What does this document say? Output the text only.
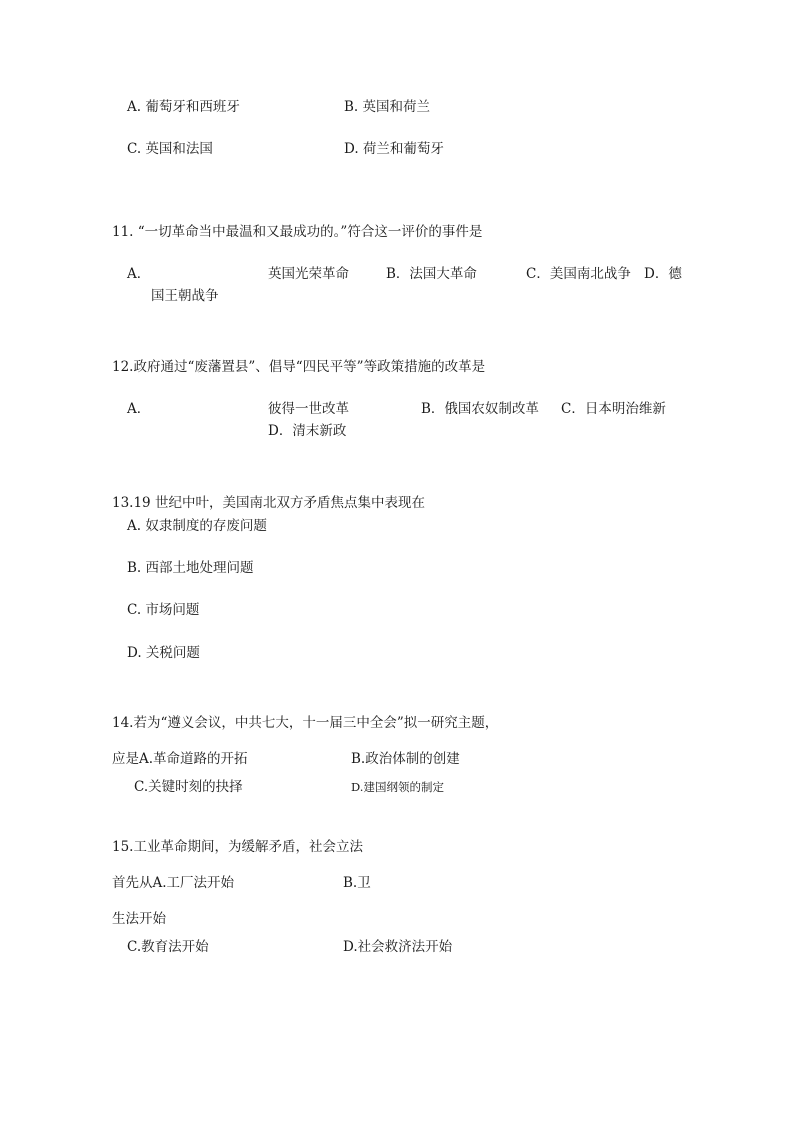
A. 葡萄牙和西班牙	B. 英国和荷兰
C. 英国和法国	D. 荷兰和葡萄牙
11. “一切革命当中最温和又最成功的。”符合这一评价的事件是
A．	英国光荣革命	B．法国大革命	C．美国南北战争 D．德
国王朝战争
12.政府通过“废藩置县”、倡导“四民平等”等政策措施的改革是
A．	彼得一世改革	B．俄国农奴制改革 C．日本明治维新
D．清末新政
13.19 世纪中叶，美国南北双方矛盾焦点集中表现在
A. 奴隶制度的存废问题
B. 西部土地处理问题
C. 市场问题
D. 关税问题
14.若为“遵义会议，中共七大，十一届三中全会”拟一研究主题，
应是A.革命道路的开拓	B.政治体制的创建
C.关键时刻的抉择	D.建国纲领的制定
15.工业革命期间，为缓解矛盾，社会立法
首先从A.工厂法开始	B.卫
生法开始
C.教育法开始	D.社会救济法开始
